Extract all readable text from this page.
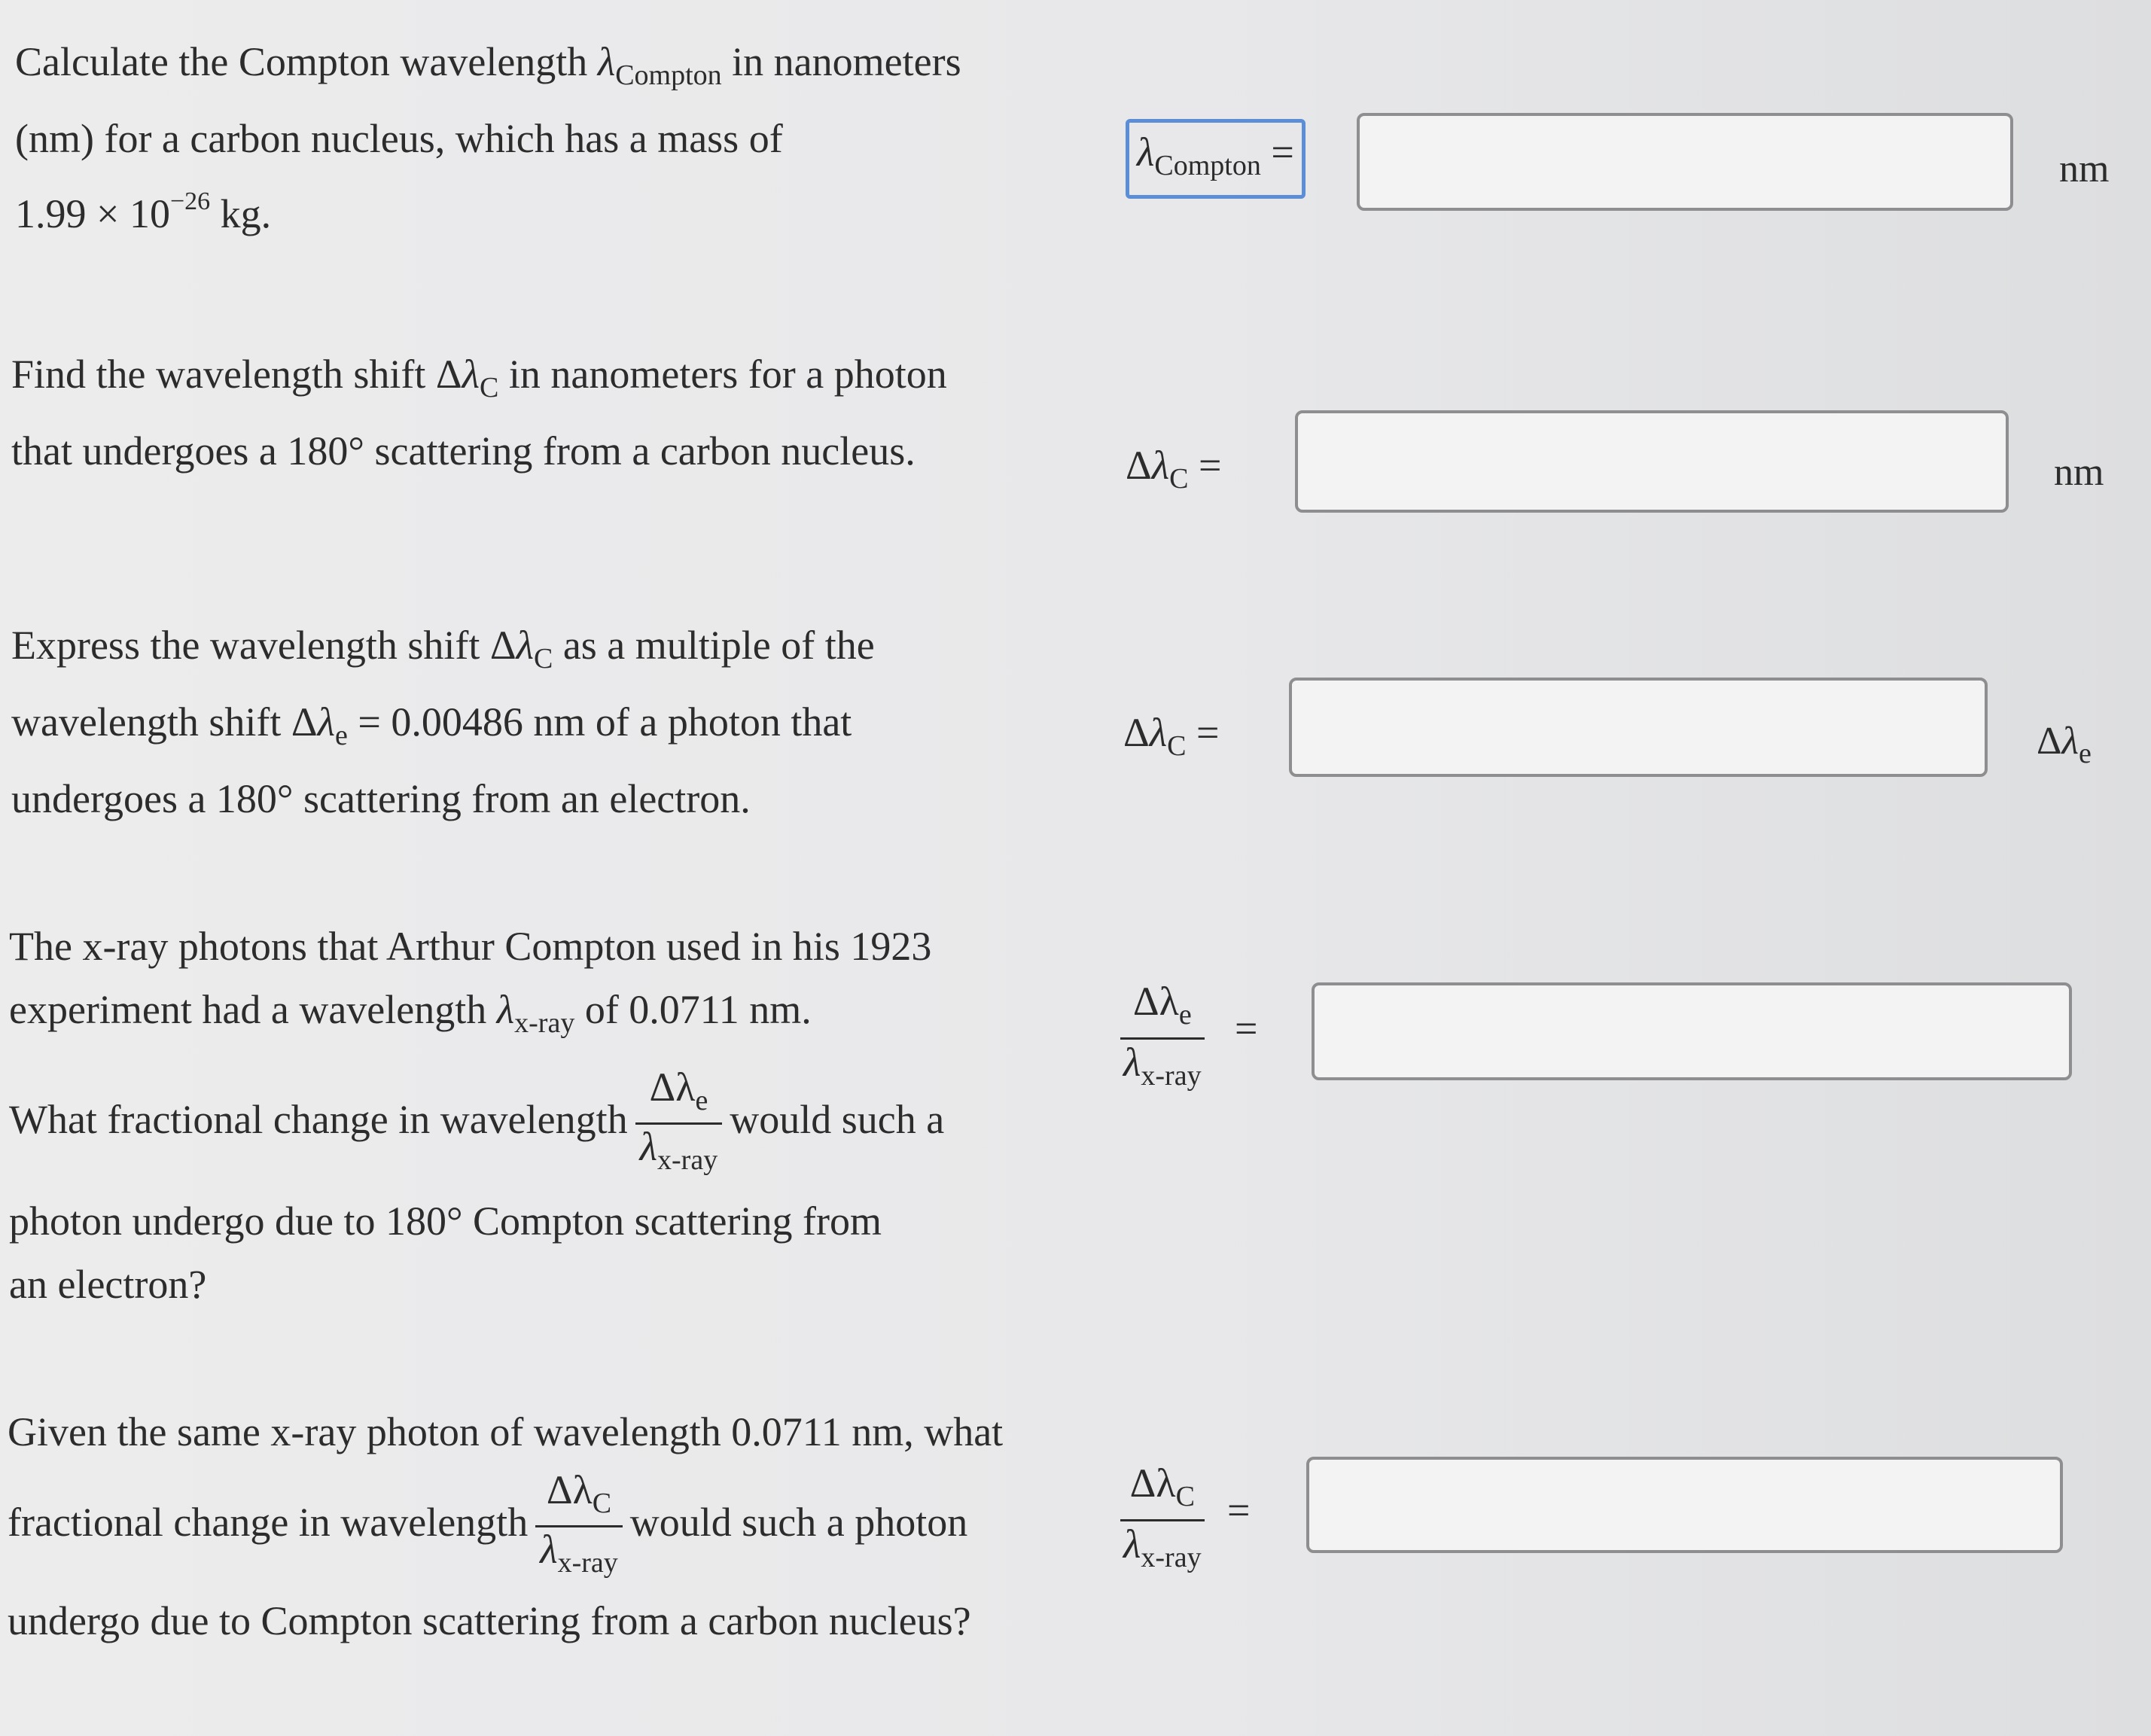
Calculate the Compton wavelength $\lambda_{Compton}$ in nanometers
(nm) for a carbon nucleus, which has a mass of
$1.99 \times 10^{-26}$ kg.
$\lambda_{Compton}$ =	nm
Find the wavelength shift $\Delta\lambda_C$ in nanometers for a photon
that undergoes a 180° scattering from a carbon nucleus.	$\Delta\lambda_C$ =	nm
Express the wavelength shift $\Delta\lambda_C$ as a multiple of the
wavelength shift $\Delta\lambda_e = 0.00486$ nm of a photon that
undergoes a 180° scattering from an electron.
$\Delta\lambda_C$ =	$\Delta\lambda_e$
The x-ray photons that Arthur Compton used in his 1923
experiment had a wavelength $\lambda_{x-ray}$ of 0.0711 nm.
What fractional change in wavelength $\frac{\Delta\lambda_e}{\lambda_{x-ray}}$ would such a
photon undergo due to 180° Compton scattering from
an electron?
$\Delta\lambda_e$
$\lambda_{x-ray}$
=
Given the same x-ray photon of wavelength 0.0711 nm, what
fractional change in wavelength $\frac{\Delta\lambda_C}{\lambda_{x-ray}}$ would such a photon
undergo due to Compton scattering from a carbon nucleus?
$\Delta\lambda_C$
$\lambda_{x-ray}$
=
